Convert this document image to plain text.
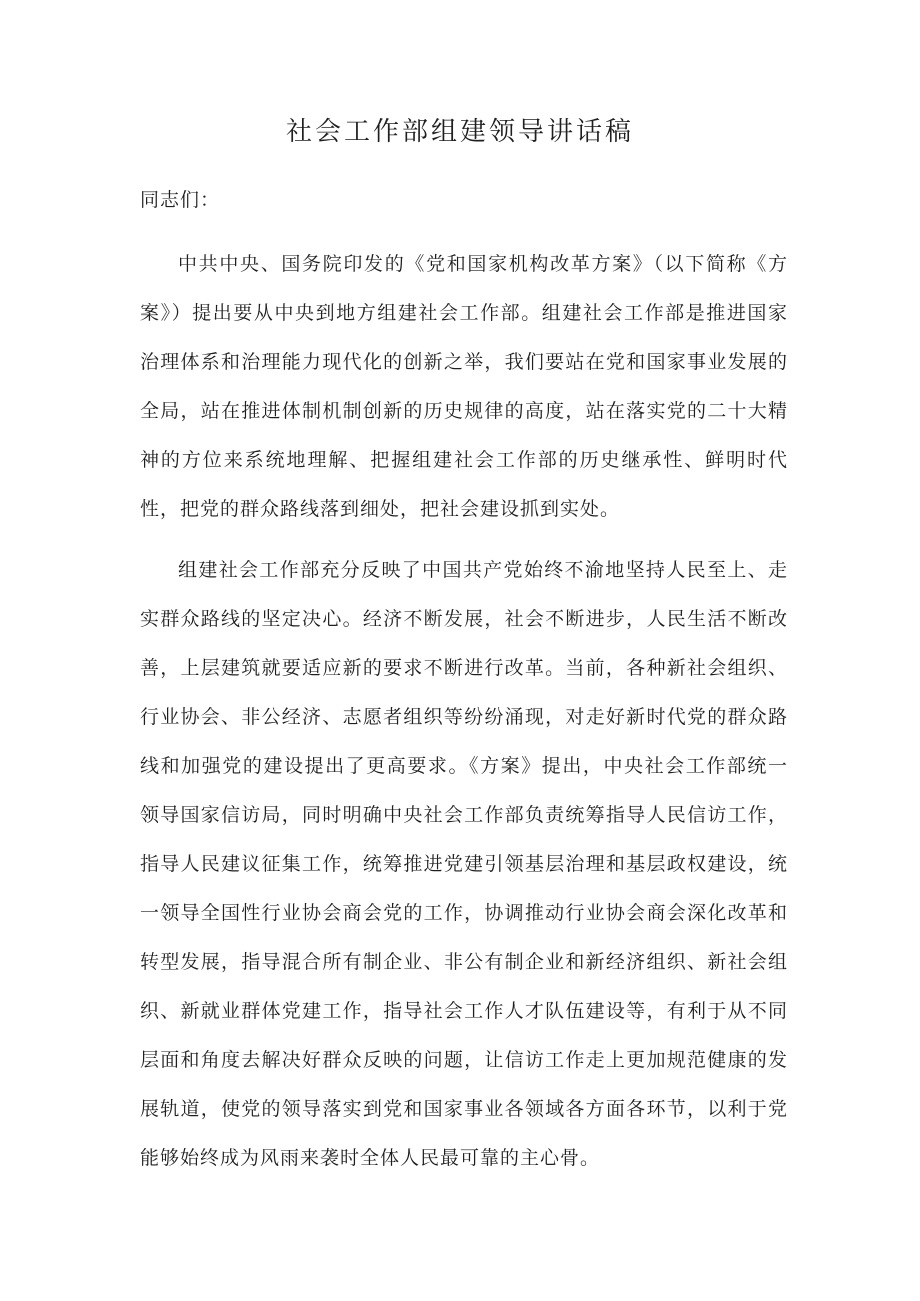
社会工作部组建领导讲话稿

同志们：

中共中央、国务院印发的《党和国家机构改革方案》（以下简称《方案》）提出要从中央到地方组建社会工作部。组建社会工作部是推进国家治理体系和治理能力现代化的创新之举，我们要站在党和国家事业发展的全局，站在推进体制机制创新的历史规律的高度，站在落实党的二十大精神的方位来系统地理解、把握组建社会工作部的历史继承性、鲜明时代性，把党的群众路线落到细处，把社会建设抓到实处。

组建社会工作部充分反映了中国共产党始终不渝地坚持人民至上、走实群众路线的坚定决心。经济不断发展，社会不断进步，人民生活不断改善，上层建筑就要适应新的要求不断进行改革。当前，各种新社会组织、行业协会、非公经济、志愿者组织等纷纷涌现，对走好新时代党的群众路线和加强党的建设提出了更高要求。《方案》提出，中央社会工作部统一领导国家信访局，同时明确中央社会工作部负责统筹指导人民信访工作，指导人民建议征集工作，统筹推进党建引领基层治理和基层政权建设，统一领导全国性行业协会商会党的工作，协调推动行业协会商会深化改革和转型发展，指导混合所有制企业、非公有制企业和新经济组织、新社会组织、新就业群体党建工作，指导社会工作人才队伍建设等，有利于从不同层面和角度去解决好群众反映的问题，让信访工作走上更加规范健康的发展轨道，使党的领导落实到党和国家事业各领域各方面各环节，以利于党能够始终成为风雨来袭时全体人民最可靠的主心骨。
